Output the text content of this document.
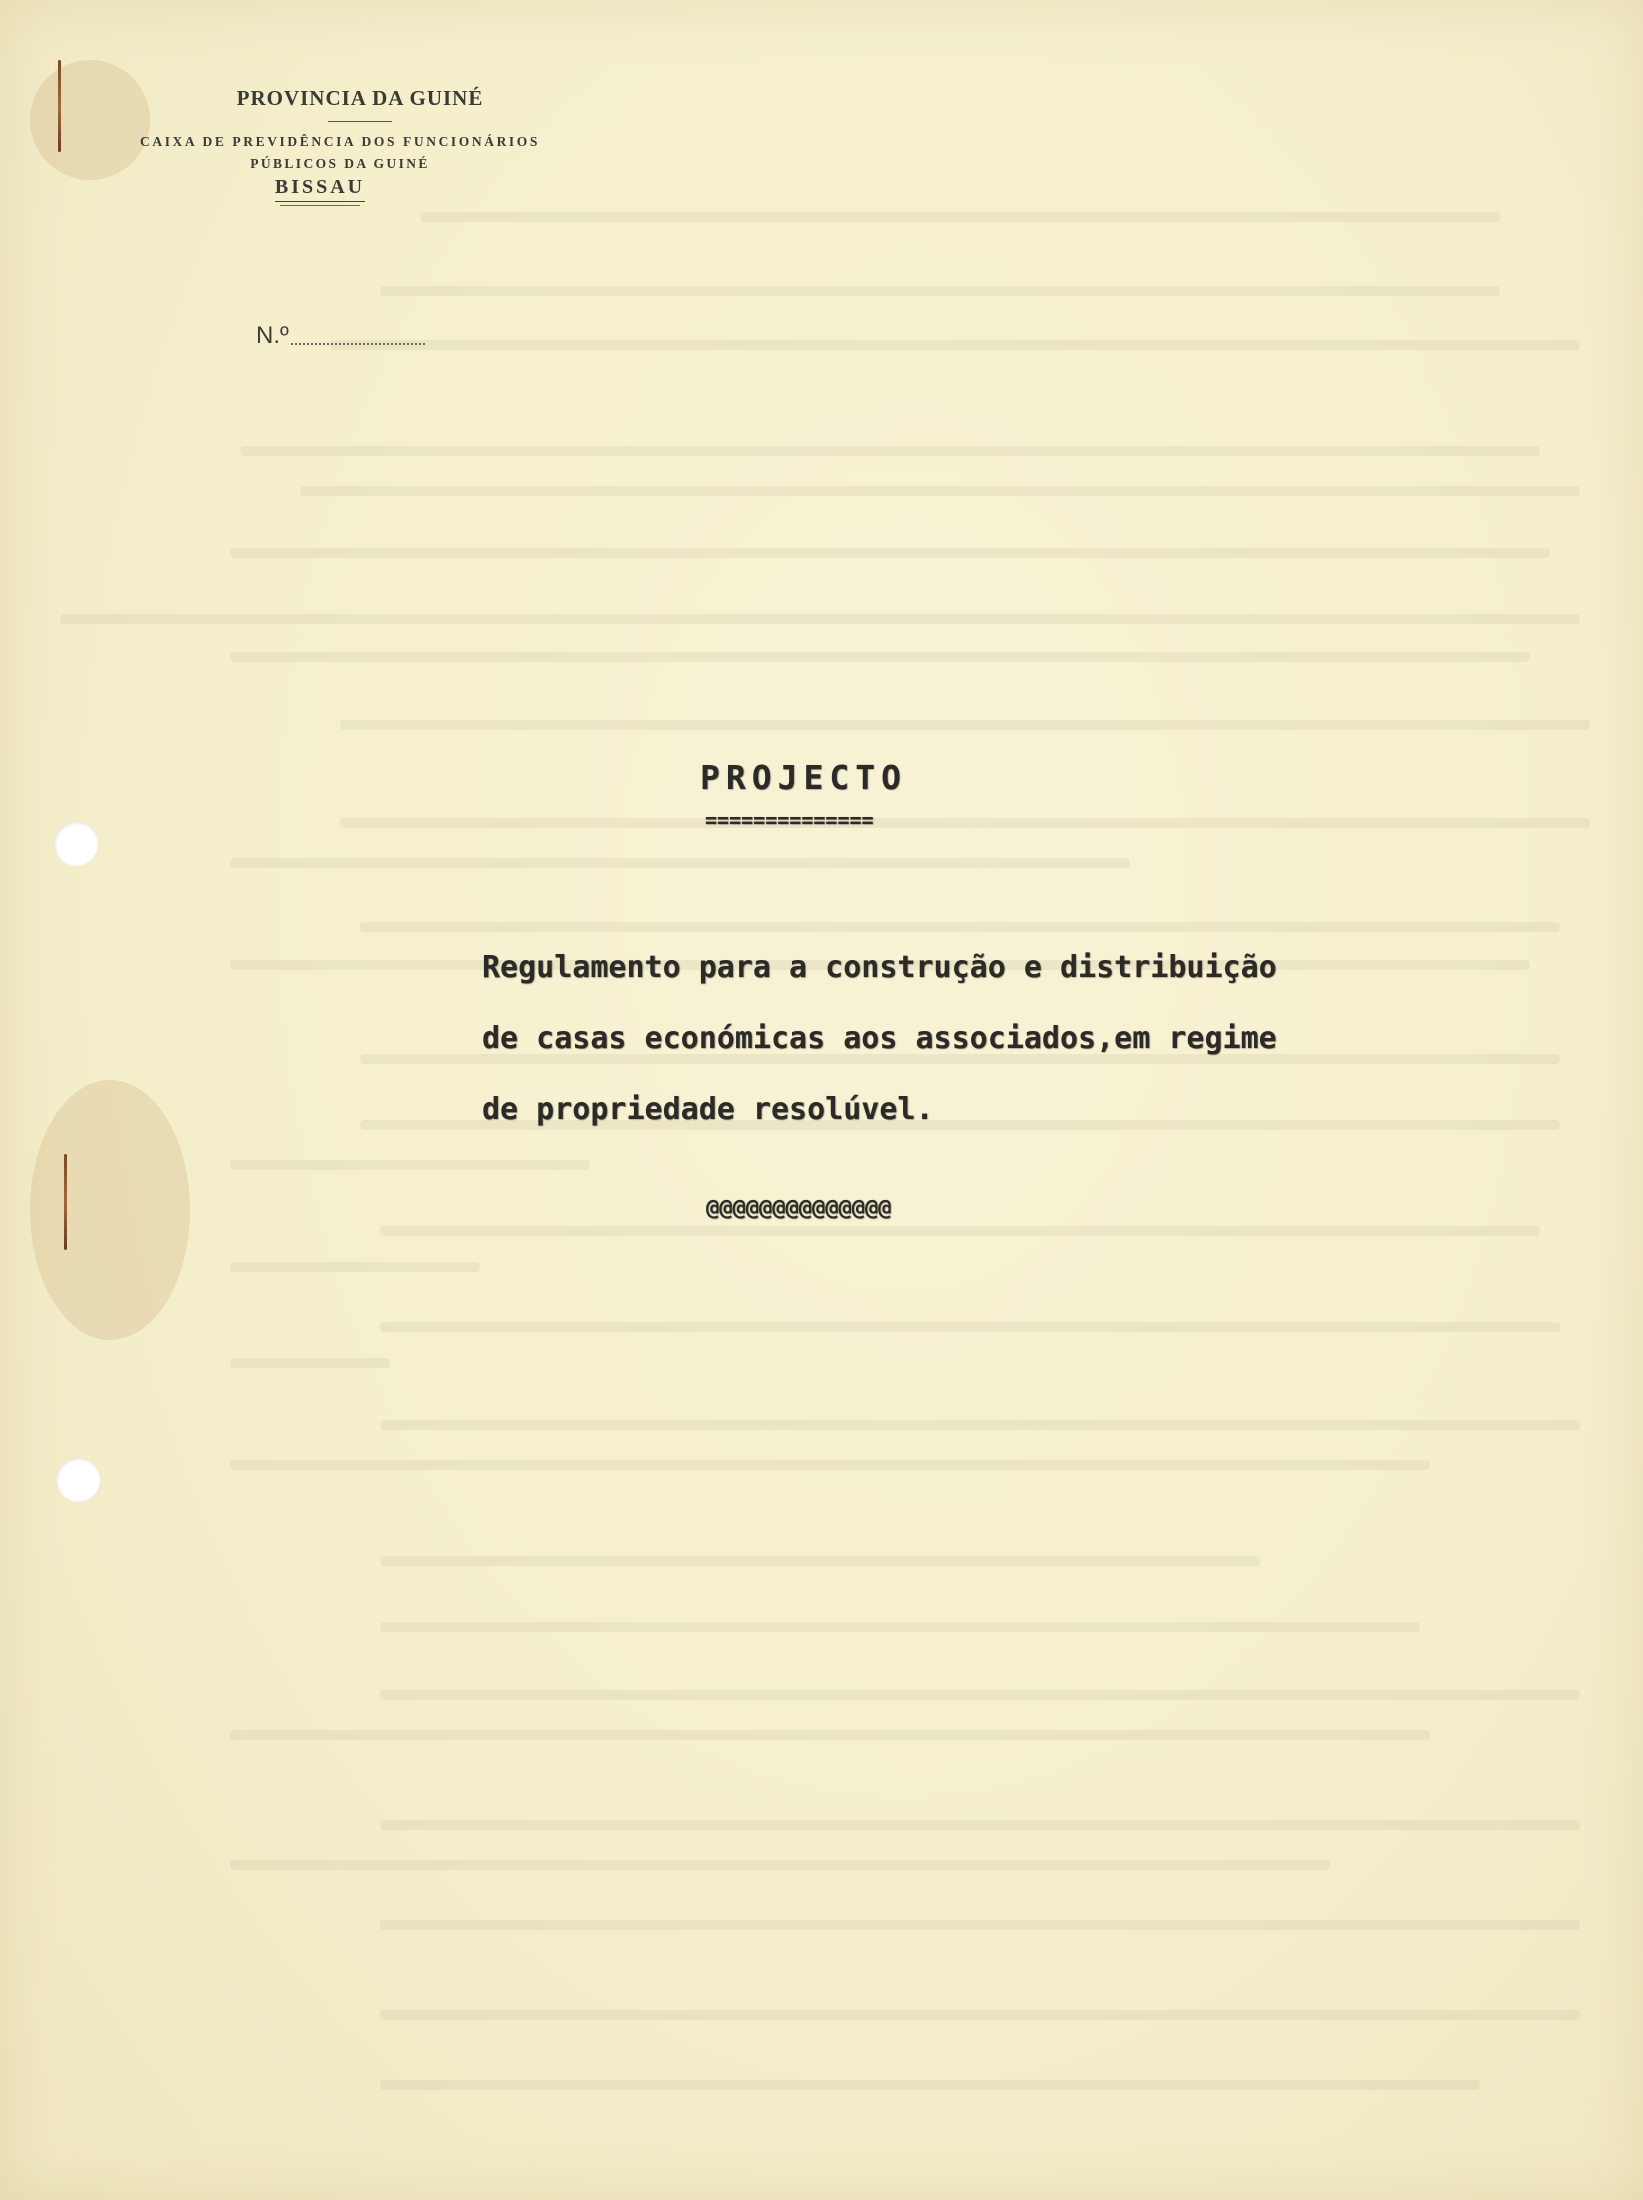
PROVINCIA DA GUINÉ
CAIXA DE PREVIDÊNCIA DOS FUNCIONÁRIOS
PÚBLICOS DA GUINÉ
BISSAU
N.º
PROJECTO
==============
Regulamento para a construção e distribuição
de casas económicas aos associados,em regime
de propriedade resolúvel.
@@@@@@@@@@@@@@
